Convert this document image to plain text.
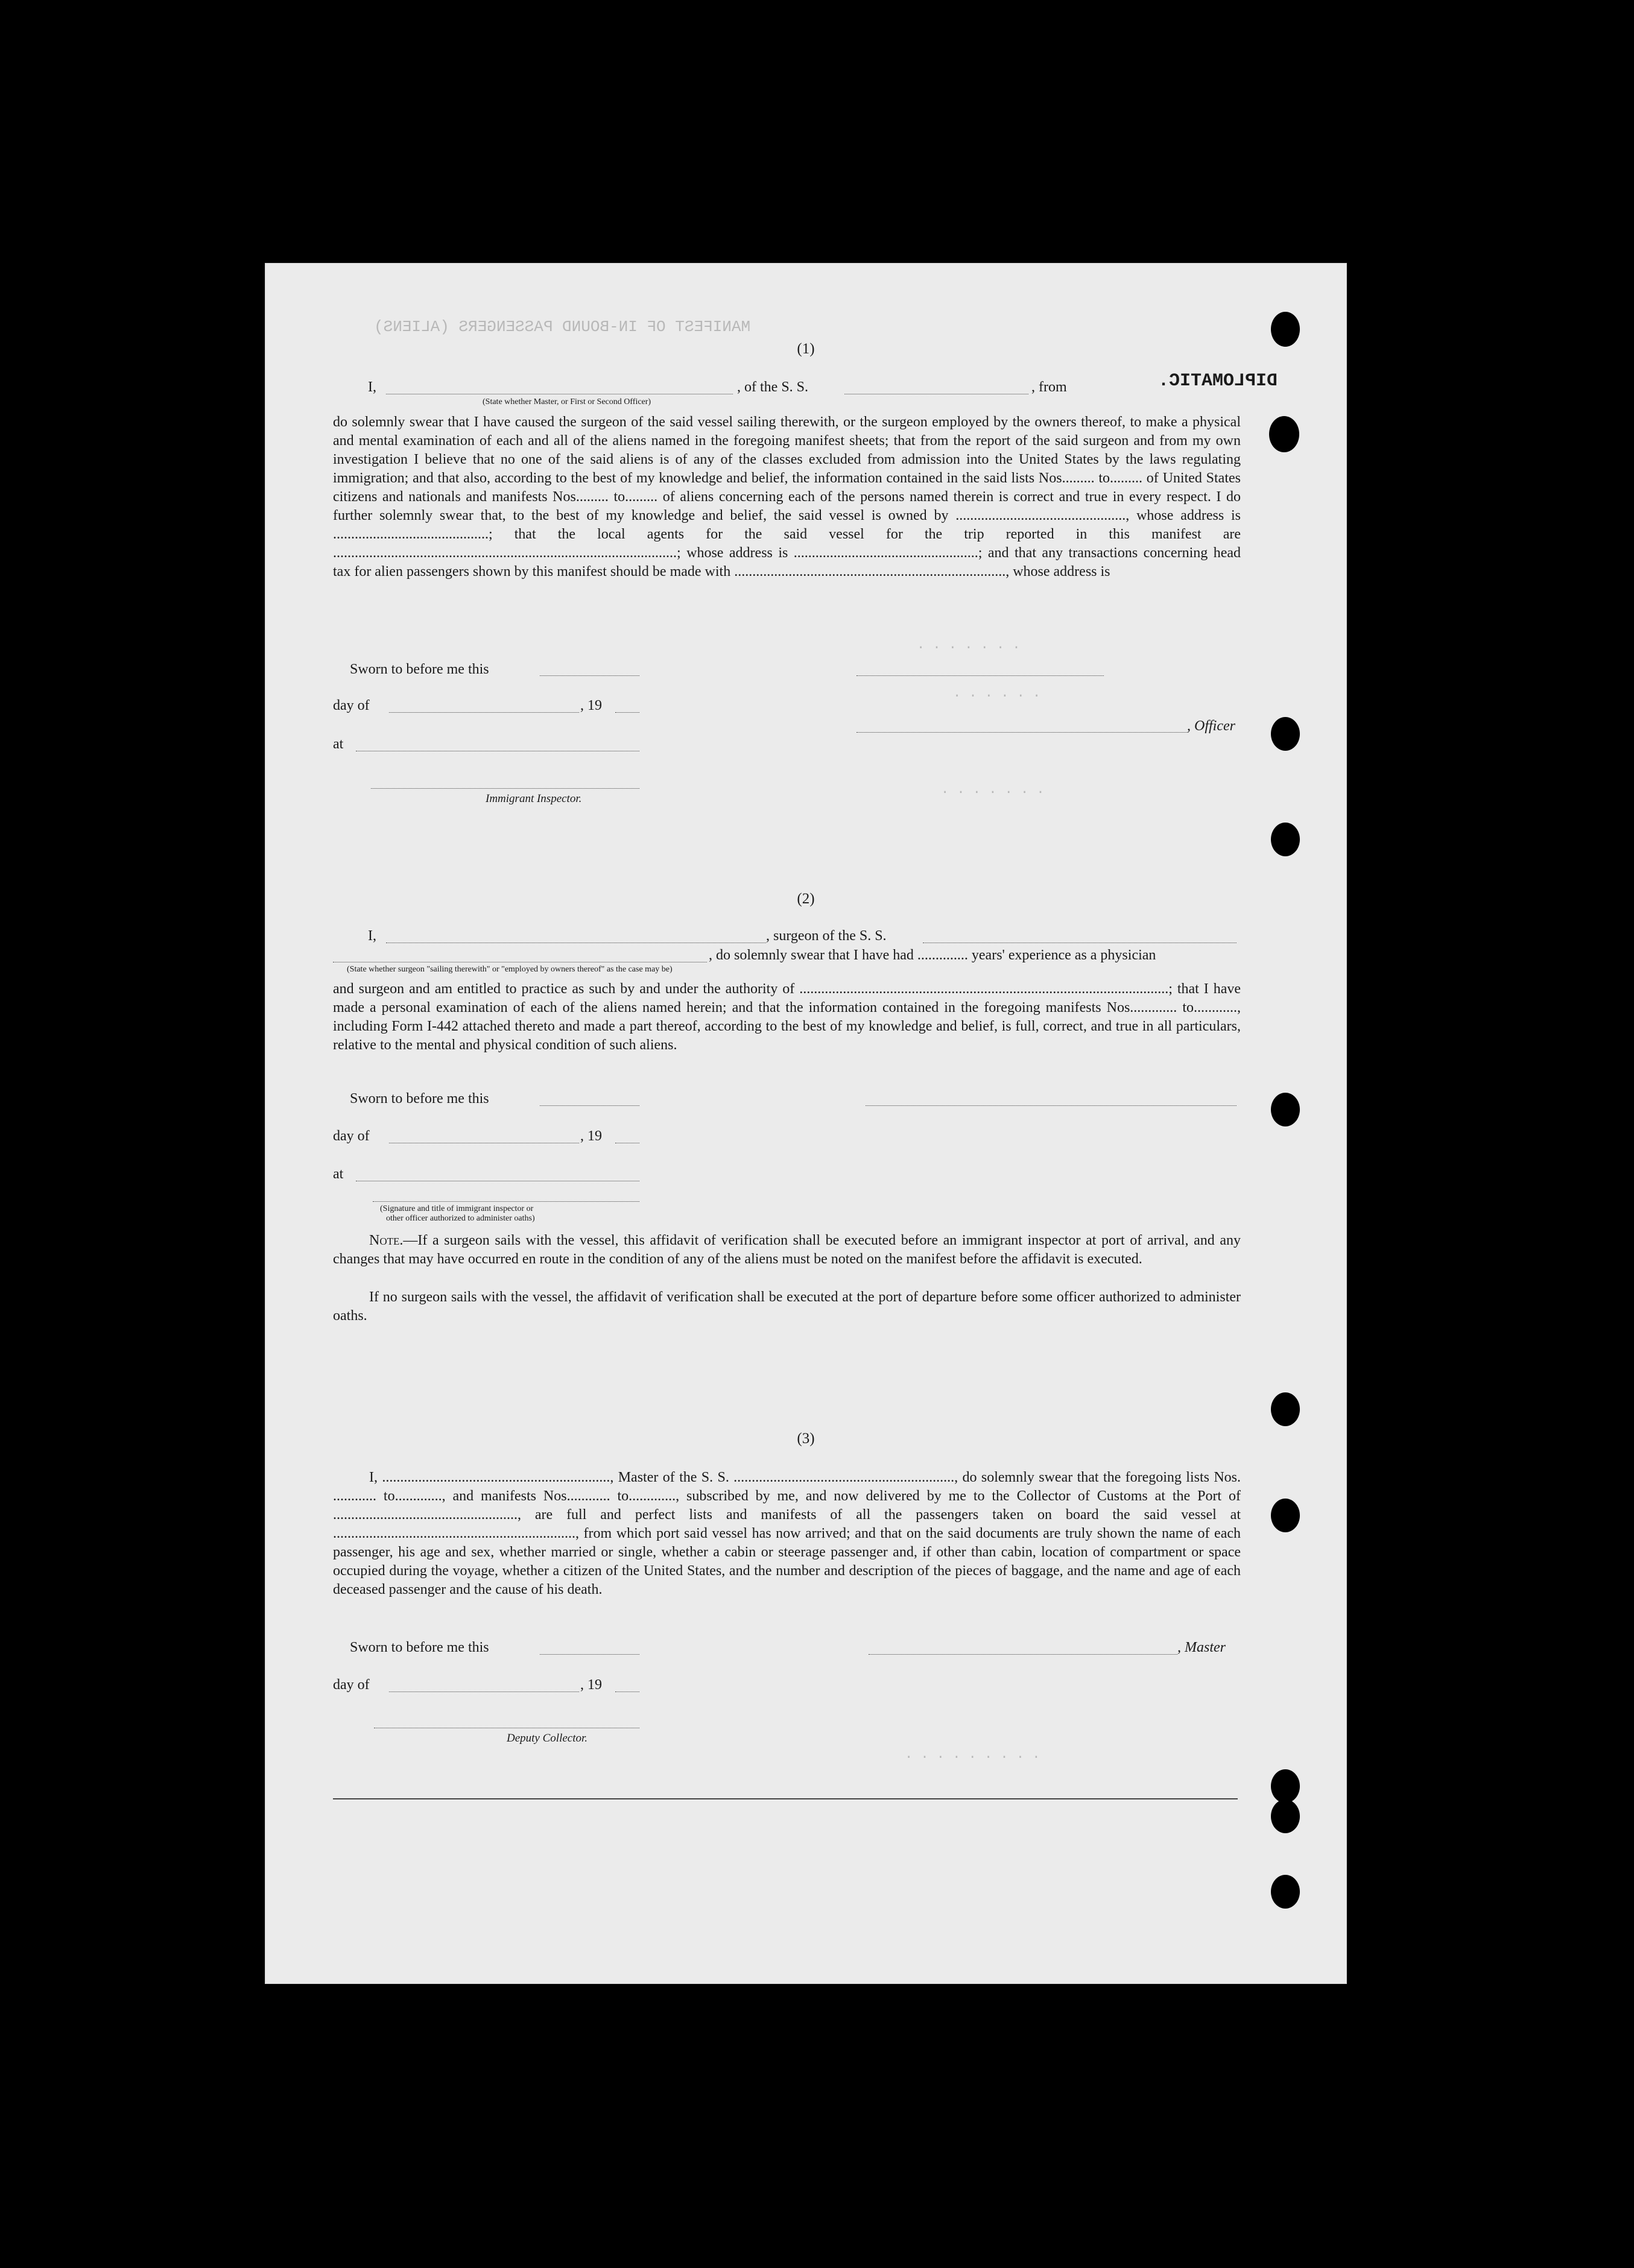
MANIFEST OF IN-BOUND PASSENGERS (ALIENS)
. . . . . . .
. . . . . .
. . . . . . .
. . . . . . . . .
(1)
I,	, of the S. S.	, from	DIPLOMATIC.
(State whether Master, or First or Second Officer)
do solemnly swear that I have caused the surgeon of the said vessel sailing therewith, or the surgeon employed by the owners thereof, to make a physical and mental examination of each and all of the aliens named in the foregoing manifest sheets; that from the report of the said surgeon and from my own investigation I believe that no one of the said aliens is of any of the classes excluded from admission into the United States by the laws regulating immigration; and that also, according to the best of my knowledge and belief, the information contained in the said lists Nos......... to......... of United States citizens and nationals and manifests Nos......... to......... of aliens concerning each of the persons named therein is correct and true in every respect. I do further solemnly swear that, to the best of my knowledge and belief, the said vessel is owned by ..............................................., whose address is ...........................................; that the local agents for the said vessel for the trip reported in this manifest are ...............................................................................................; whose address is ...................................................; and that any transactions concerning head tax for alien passengers shown by this manifest should be made with ..........................................................................., whose address is
Sworn to before me this
day of	, 19
, Officer
at
Immigrant Inspector.
(2)
I,	, surgeon of the S. S.
, do solemnly swear that I have had .............. years' experience as a physician
(State whether surgeon "sailing therewith" or "employed by owners thereof" as the case may be)
and surgeon and am entitled to practice as such by and under the authority of ......................................................................................................; that I have made a personal examination of each of the aliens named herein; and that the information contained in the foregoing manifests Nos............. to............, including Form I-442 attached thereto and made a part thereof, according to the best of my knowledge and belief, is full, correct, and true in all particulars, relative to the mental and physical condition of such aliens.
Sworn to before me this
day of	, 19
at
(Signature and title of immigrant inspector or
other officer authorized to administer oaths)
Note.—If a surgeon sails with the vessel, this affidavit of verification shall be executed before an immigrant inspector at port of arrival, and any changes that may have occurred en route in the condition of any of the aliens must be noted on the manifest before the affidavit is executed.
If no surgeon sails with the vessel, the affidavit of verification shall be executed at the port of departure before some officer authorized to administer oaths.
(3)
I, ..............................................................., Master of the S. S. ............................................................., do solemnly swear that the foregoing lists Nos. ............ to............., and manifests Nos............ to............., subscribed by me, and now delivered by me to the Collector of Customs at the Port of ..................................................., are full and perfect lists and manifests of all the passengers taken on board the said vessel at ..................................................................., from which port said vessel has now arrived; and that on the said documents are truly shown the name of each passenger, his age and sex, whether married or single, whether a cabin or steerage passenger and, if other than cabin, location of compartment or space occupied during the voyage, whether a citizen of the United States, and the number and description of the pieces of baggage, and the name and age of each deceased passenger and the cause of his death.
Sworn to before me this	, Master
day of	, 19
Deputy Collector.
